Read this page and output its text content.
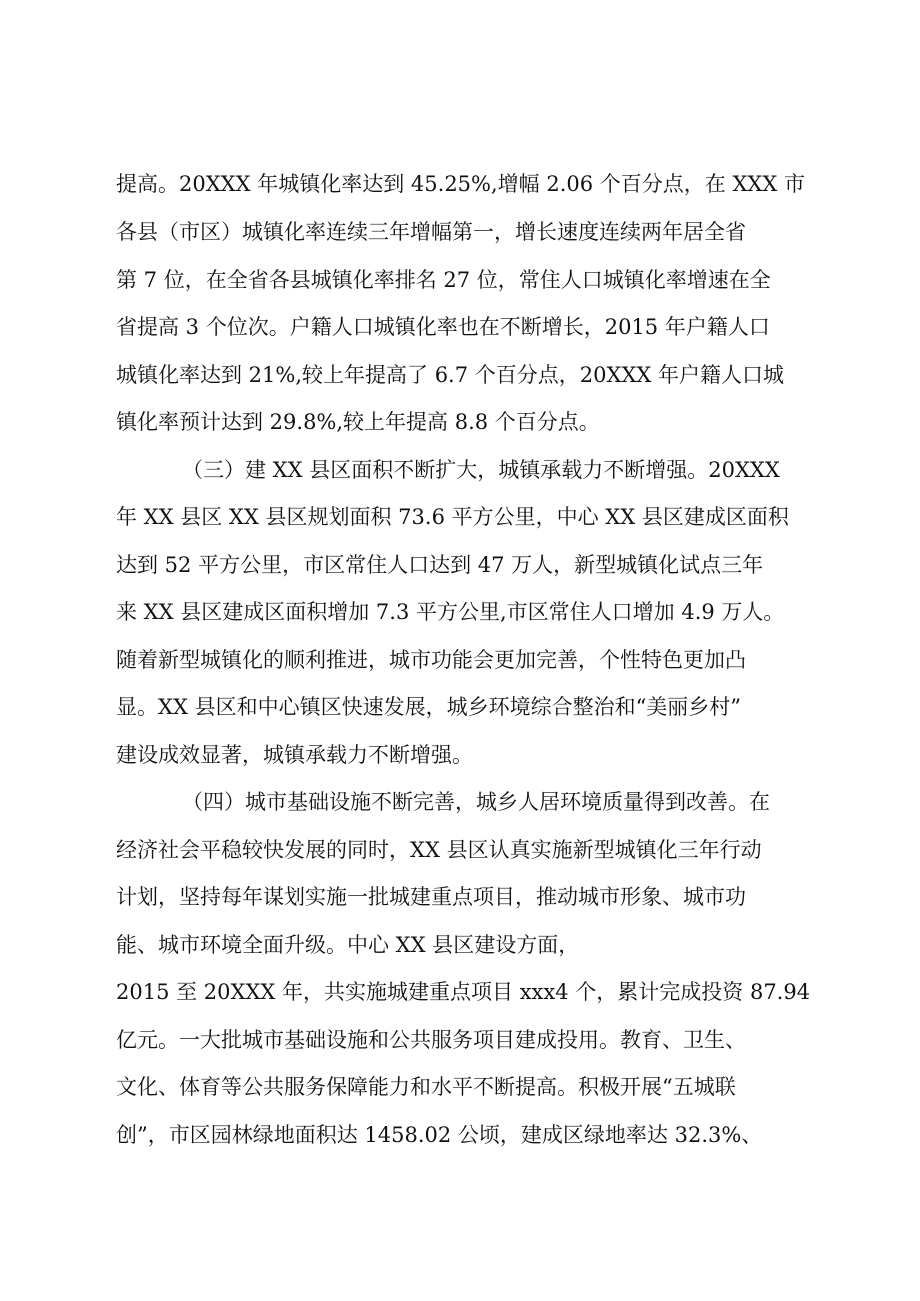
提高。20XXX 年城镇化率达到 45.25%,增幅 2.06 个百分点，在 XXX 市
各县（市区）城镇化率连续三年增幅第一，增长速度连续两年居全省
第 7 位，在全省各县城镇化率排名 27 位，常住人口城镇化率增速在全
省提高 3 个位次。户籍人口城镇化率也在不断增长，2015 年户籍人口
城镇化率达到 21%,较上年提高了 6.7 个百分点，20XXX 年户籍人口城
镇化率预计达到 29.8%,较上年提高 8.8 个百分点。
（三）建 XX 县区面积不断扩大，城镇承载力不断增强。20XXX
年 XX 县区 XX 县区规划面积 73.6 平方公里，中心 XX 县区建成区面积
达到 52 平方公里，市区常住人口达到 47 万人，新型城镇化试点三年
来 XX 县区建成区面积增加 7.3 平方公里,市区常住人口增加 4.9 万人。
随着新型城镇化的顺利推进，城市功能会更加完善，个性特色更加凸
显。XX 县区和中心镇区快速发展，城乡环境综合整治和“美丽乡村”
建设成效显著，城镇承载力不断增强。
（四）城市基础设施不断完善，城乡人居环境质量得到改善。在
经济社会平稳较快发展的同时，XX 县区认真实施新型城镇化三年行动
计划，坚持每年谋划实施一批城建重点项目，推动城市形象、城市功
能、城市环境全面升级。中心 XX 县区建设方面，
2015 至 20XXX 年，共实施城建重点项目 xxx4 个，累计完成投资 87.94
亿元。一大批城市基础设施和公共服务项目建成投用。教育、卫生、
文化、体育等公共服务保障能力和水平不断提高。积极开展“五城联
创”，市区园林绿地面积达 1458.02 公顷，建成区绿地率达 32.3%、
